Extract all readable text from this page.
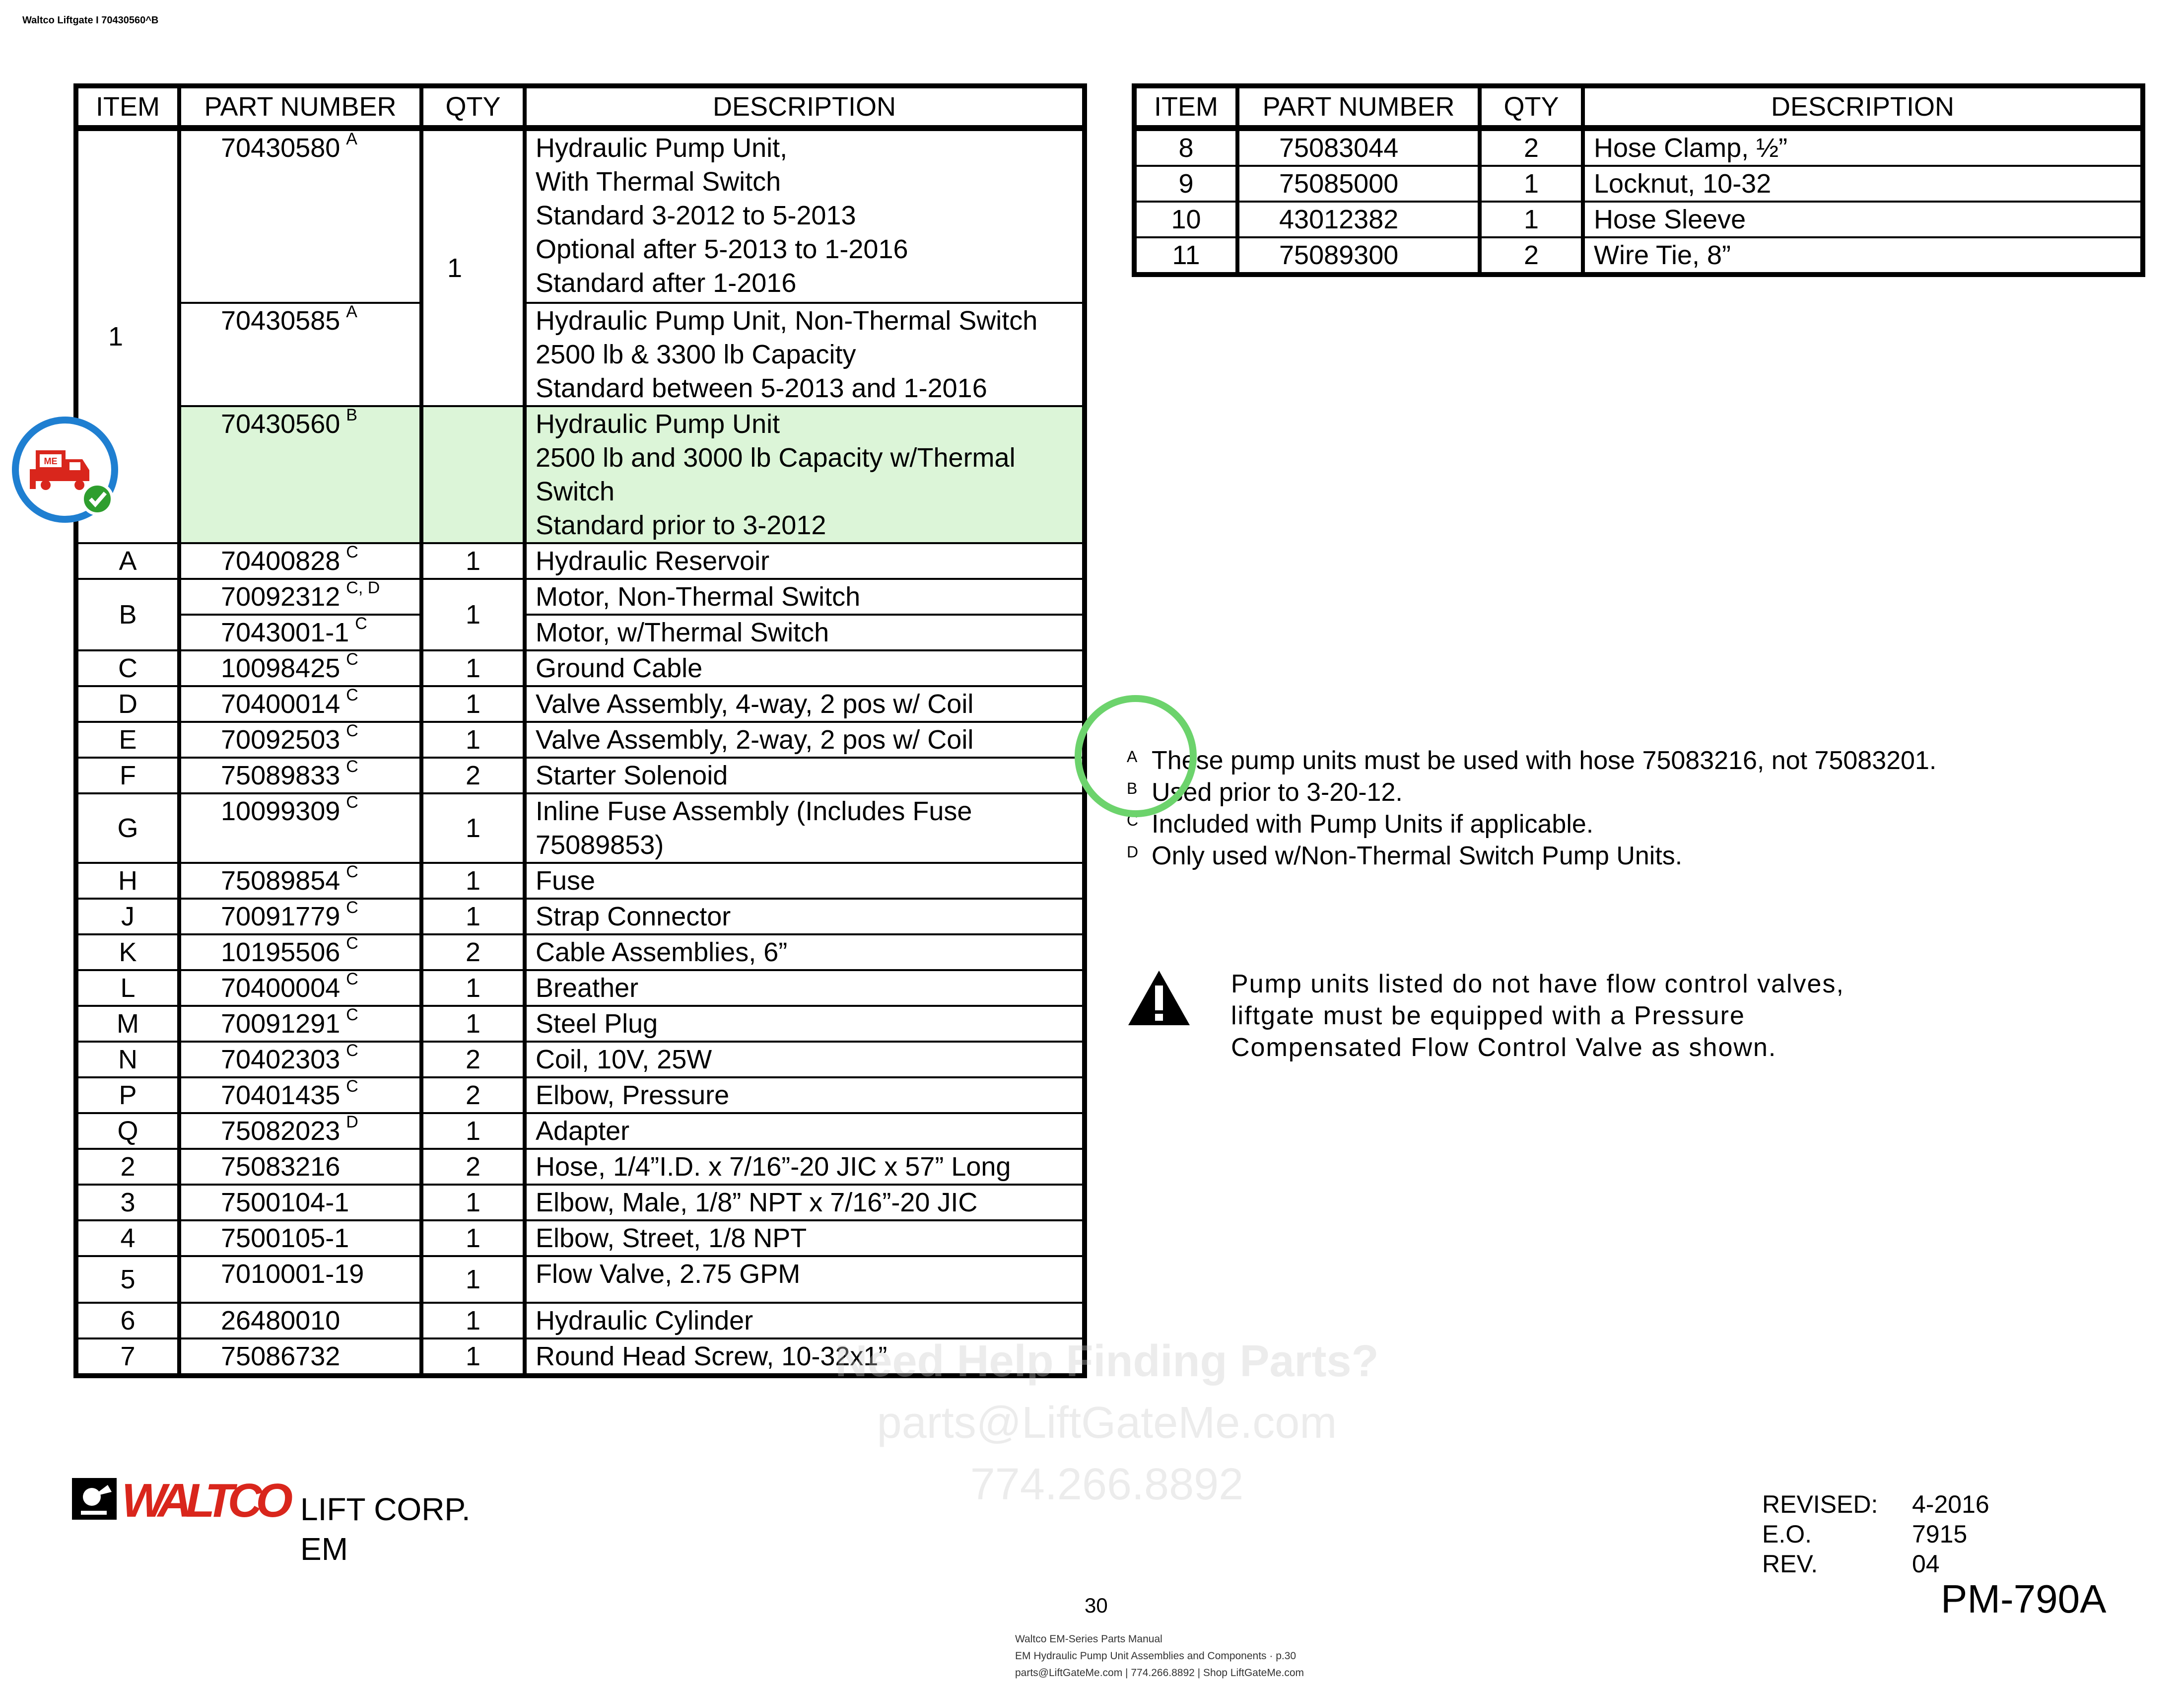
Waltco Liftgate I 70430560^B
ITEM	PART NUMBER	QTY	DESCRIPTION
1	70430580 $^A$	1	Hydraulic Pump Unit,
With Thermal Switch
Standard 3-2012 to 5-2013
Optional after 5-2013 to 1-2016
Standard after 1-2016

	70430585 $^A$		Hydraulic Pump Unit, Non-Thermal Switch
2500 lb & 3300 lb Capacity
Standard between 5-2013 and 1-2016

	70430560 $^B$		Hydraulic Pump Unit
2500 lb and 3000 lb Capacity w/Thermal
Switch
Standard prior to 3-2012

A	70400828 $^C$	1	Hydraulic Reservoir
B	70092312 $^{C, D}$	1	Motor, Non-Thermal Switch
	7043001-1 $^C$		Motor, w/Thermal Switch
C	10098425 $^C$	1	Ground Cable

D	70400014 $^C$	1	Valve Assembly, 4-way, 2 pos w/ Coil

E	70092503 $^C$	1	Valve Assembly, 2-way, 2 pos w/ Coil

F	75089833 $^C$	2	Starter Solenoid

G	10099309 $^C$	1	Inline Fuse Assembly (Includes Fuse
75089853)

H	75089854 $^C$	1	Fuse

J	70091779 $^C$	1	Strap Connector

K	10195506 $^C$	2	Cable Assemblies, 6”

L	70400004 $^C$	1	Breather

M	70091291 $^C$	1	Steel Plug

N	70402303 $^C$	2	Coil, 10V, 25W

P	70401435 $^C$	2	Elbow, Pressure

Q	75082023 $^D$	1	Adapter

2	75083216	2	Hose, 1/4”I.D. x 7/16”-20 JIC x 57” Long

3	7500104-1	1	Elbow, Male, 1/8” NPT x 7/16”-20 JIC

4	7500105-1	1	Elbow, Street, 1/8 NPT

5	7010001-19	1	Flow Valve, 2.75 GPM

6	26480010	1	Hydraulic Cylinder

7	75086732	1	Round Head Screw, 10-32x1”
ITEM	PART NUMBER	QTY	DESCRIPTION
8	75083044	2	Hose Clamp, ½”
9	75085000	1	Locknut, 10-32
10	43012382	1	Hose Sleeve
11	75089300	2	Wire Tie, 8”
A These pump units must be used with hose 75083216, not 75083201.
B Used prior to 3-20-12.
C Included with Pump Units if applicable.
D Only used w/Non-Thermal Switch Pump Units.
Pump units listed do not have flow control valves, liftgate must be equipped with a Pressure Compensated Flow Control Valve as shown.
Need Help Finding Parts?
parts@LiftGateMe.com
774.266.8892
WALTCO LIFT CORP.
EM
REVISED: 4-2016
E.O.	7915
REV.	04
PM-790A
30
Waltco EM-Series Parts Manual
EM Hydraulic Pump Unit Assemblies and Components · p.30
parts@LiftGateMe.com | 774.266.8892 | Shop LiftGateMe.com
ME
